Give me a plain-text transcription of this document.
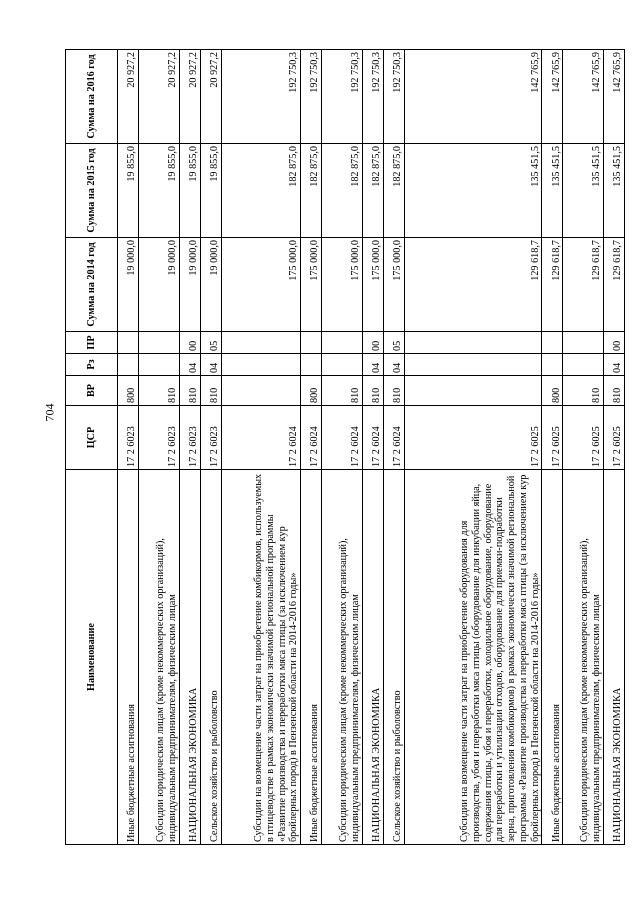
704
Наименование	ЦСР	ВР	Рз	ПР	Сумма на 2014 год	Сумма на 2015 год	Сумма на 2016 год
Иные бюджетные ассигнования	17 2 6023	800			19 000,0	19 855,0	20 927,2
Субсидии юридическим лицам (кроме некоммерческих организаций), индивидуальным предпринимателям, физическим лицам	17 2 6023	810			19 000,0	19 855,0	20 927,2
НАЦИОНАЛЬНАЯ ЭКОНОМИКА	17 2 6023	810	04	00	19 000,0	19 855,0	20 927,2
Сельское хозяйство и рыболовство	17 2 6023	810	04	05	19 000,0	19 855,0	20 927,2
Субсидии на возмещение части затрат на приобретение комбикормов, используемых в птицеводстве в рамках экономически значимой региональной программы «Развитие производства и переработки мяса птицы (за исключением кур бройлерных пород) в Пензенской области на 2014-2016 годы»	17 2 6024				175 000,0	182 875,0	192 750,3
Иные бюджетные ассигнования	17 2 6024	800			175 000,0	182 875,0	192 750,3
Субсидии юридическим лицам (кроме некоммерческих организаций), индивидуальным предпринимателям, физическим лицам	17 2 6024	810			175 000,0	182 875,0	192 750,3
НАЦИОНАЛЬНАЯ ЭКОНОМИКА	17 2 6024	810	04	00	175 000,0	182 875,0	192 750,3
Сельское хозяйство и рыболовство	17 2 6024	810	04	05	175 000,0	182 875,0	192 750,3
Субсидии на возмещение части затрат на приобретение оборудования для производства, убоя и переработки мяса птицы (оборудование для инкубации яйца, содержания птицы, убоя и переработки, холодильное оборудование, оборудование для переработки и утилизации отходов, оборудование для приемки-подработки зерна, приготовления комбикормов) в рамках экономически значимой региональной программы «Развитие производства и переработки мяса птицы (за исключением кур бройлерных пород) в Пензенской области на 2014-2016 годы»	17 2 6025				129 618,7	135 451,5	142 765,9
Иные бюджетные ассигнования	17 2 6025	800			129 618,7	135 451,5	142 765,9
Субсидии юридическим лицам (кроме некоммерческих организаций), индивидуальным предпринимателям, физическим лицам	17 2 6025	810			129 618,7	135 451,5	142 765,9
НАЦИОНАЛЬНАЯ ЭКОНОМИКА	17 2 6025	810	04	00	129 618,7	135 451,5	142 765,9
